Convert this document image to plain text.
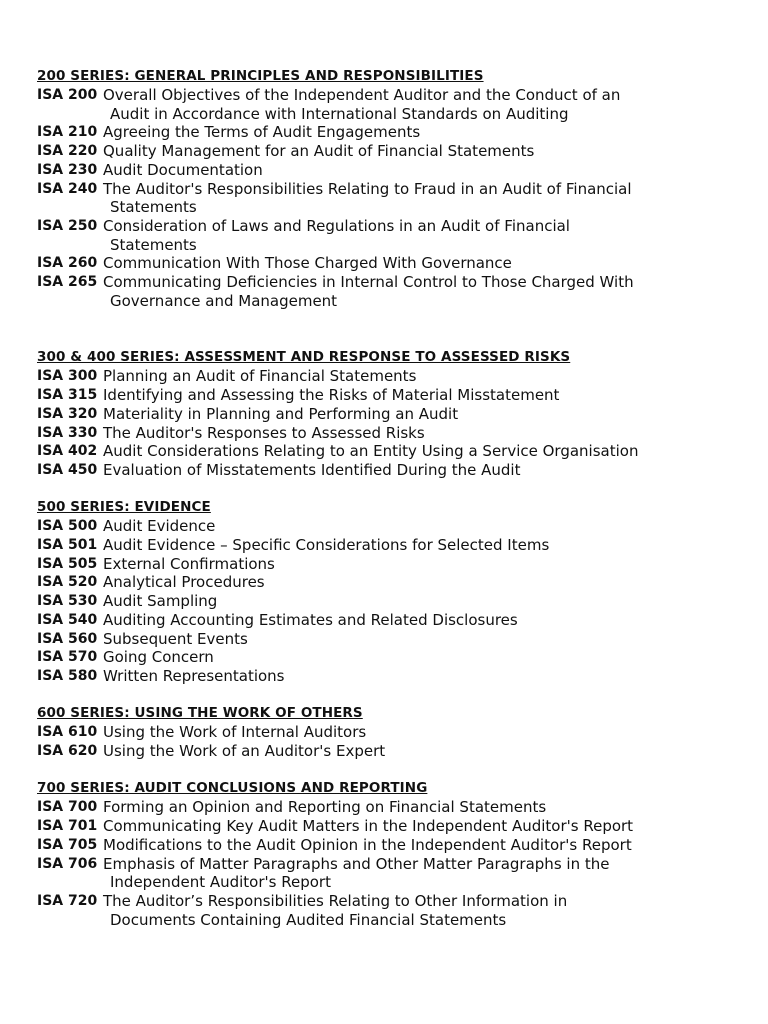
200 SERIES: GENERAL PRINCIPLES AND RESPONSIBILITIES
ISA 200 Overall Objectives of the Independent Auditor and the Conduct of an
Audit in Accordance with International Standards on Auditing
ISA 210 Agreeing the Terms of Audit Engagements
ISA 220 Quality Management for an Audit of Financial Statements
ISA 230 Audit Documentation
ISA 240 The Auditor's Responsibilities Relating to Fraud in an Audit of Financial
Statements
ISA 250 Consideration of Laws and Regulations in an Audit of Financial
Statements
ISA 260 Communication With Those Charged With Governance
ISA 265 Communicating Deficiencies in Internal Control to Those Charged With
Governance and Management
300 & 400 SERIES: ASSESSMENT AND RESPONSE TO ASSESSED RISKS
ISA 300 Planning an Audit of Financial Statements
ISA 315 Identifying and Assessing the Risks of Material Misstatement
ISA 320 Materiality in Planning and Performing an Audit
ISA 330 The Auditor's Responses to Assessed Risks
ISA 402 Audit Considerations Relating to an Entity Using a Service Organisation
ISA 450 Evaluation of Misstatements Identified During the Audit
500 SERIES: EVIDENCE
ISA 500 Audit Evidence
ISA 501 Audit Evidence – Specific Considerations for Selected Items
ISA 505 External Confirmations
ISA 520 Analytical Procedures
ISA 530 Audit Sampling
ISA 540 Auditing Accounting Estimates and Related Disclosures
ISA 560 Subsequent Events
ISA 570 Going Concern
ISA 580 Written Representations
600 SERIES: USING THE WORK OF OTHERS
ISA 610 Using the Work of Internal Auditors
ISA 620 Using the Work of an Auditor's Expert
700 SERIES: AUDIT CONCLUSIONS AND REPORTING
ISA 700 Forming an Opinion and Reporting on Financial Statements
ISA 701 Communicating Key Audit Matters in the Independent Auditor's Report
ISA 705 Modifications to the Audit Opinion in the Independent Auditor's Report
ISA 706 Emphasis of Matter Paragraphs and Other Matter Paragraphs in the
Independent Auditor's Report
ISA 720 The Auditor’s Responsibilities Relating to Other Information in
Documents Containing Audited Financial Statements
